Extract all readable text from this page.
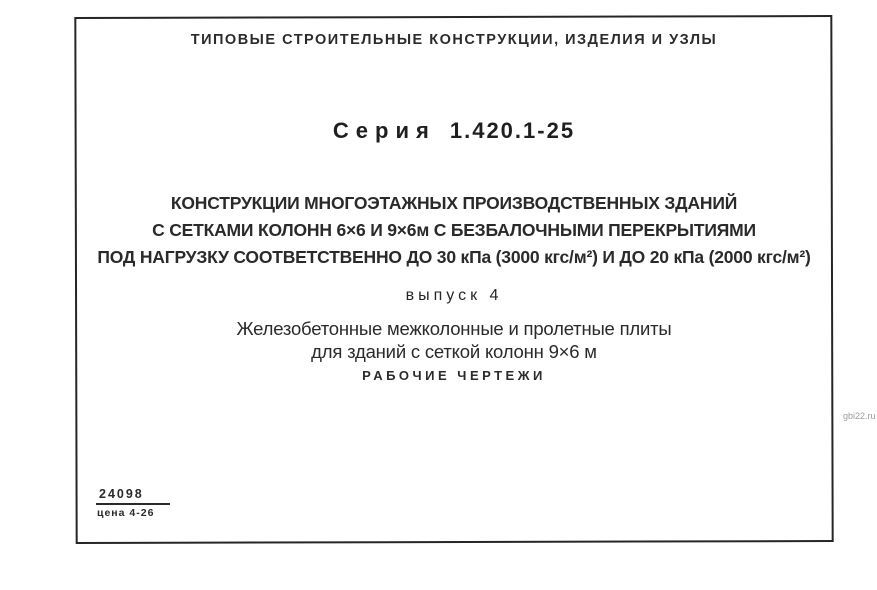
ТИПОВЫЕ СТРОИТЕЛЬНЫЕ КОНСТРУКЦИИ, ИЗДЕЛИЯ И УЗЛЫ
Серия 1.420.1-25
КОНСТРУКЦИИ МНОГОЭТАЖНЫХ ПРОИЗВОДСТВЕННЫХ ЗДАНИЙ
С СЕТКАМИ КОЛОНН 6×6 И 9×6м С БЕЗБАЛОЧНЫМИ ПЕРЕКРЫТИЯМИ
ПОД НАГРУЗКУ СООТВЕТСТВЕННО ДО 30 кПа (3000 кгс/м²) И ДО 20 кПа (2000 кгс/м²)
выпуск 4
Железобетонные межколонные и пролетные плиты
для зданий с сеткой колонн 9×6 м
РАБОЧИЕ ЧЕРТЕЖИ
24098
цена 4-26
gbi22.ru
